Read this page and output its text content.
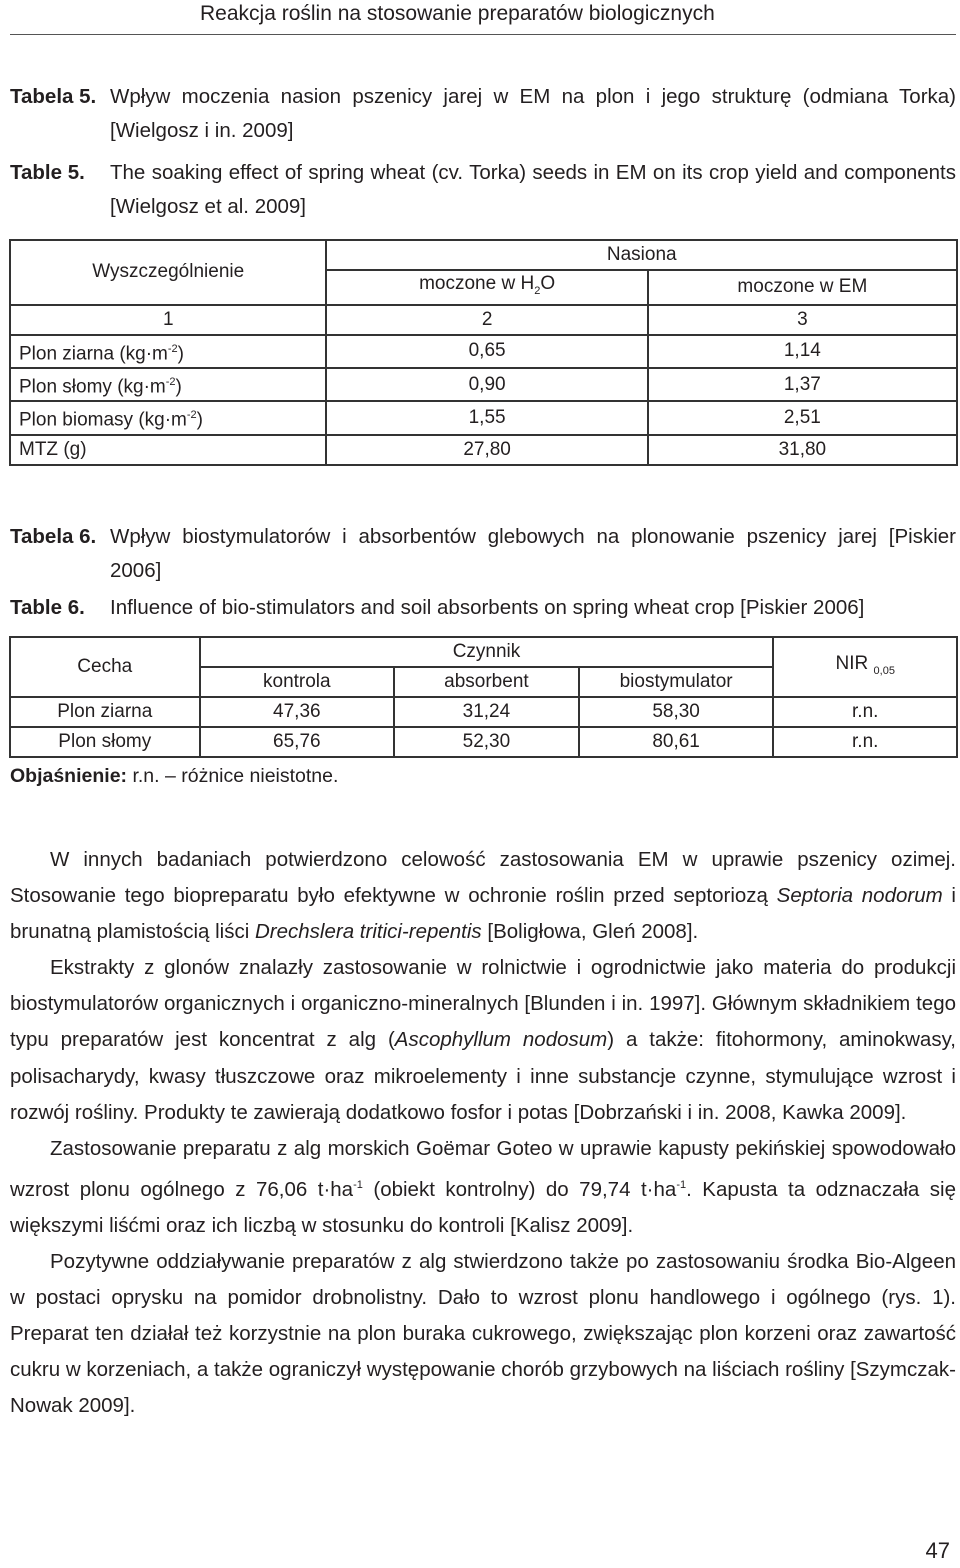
Reakcja roślin na stosowanie preparatów biologicznych
Tabela 5. Wpływ moczenia nasion pszenicy jarej w EM na plon i jego strukturę (odmiana Torka) [Wielgosz i in. 2009]
Table 5. The soaking effect of spring wheat (cv. Torka) seeds in EM on its crop yield and components [Wielgosz et al. 2009]
Wyszczególnienie	Nasiona	
	moczone w $H_2O$	moczone w EM
1	2	3
Plon ziarna $(kg\cdot m^{-2})$	0,65	1,14
Plon słomy $(kg\cdot m^{-2})$	0,90	1,37
Plon biomasy $(kg\cdot m^{-2})$	1,55	2,51
MTZ (g)	27,80	31,80
Tabela 6. Wpływ biostymulatorów i absorbentów glebowych na plonowanie pszenicy jarej [Piskier 2006]
Table 6. Influence of bio-stimulators and soil absorbents on spring wheat crop [Piskier 2006]
Cecha	Czynnik			NIR $_{0,05}$
	kontrola	absorbent	biostymulator	
Plon ziarna	47,36	31,24	58,30	r.n.
Plon słomy	65,76	52,30	80,61	r.n.
Objaśnienie: r.n. – różnice nieistotne.

W innych badaniach potwierdzono celowość zastosowania EM w uprawie pszenicy ozimej. Stosowanie tego biopreparatu było efektywne w ochronie roślin przed septoriozą Septoria nodorum i brunatną plamistością liści Drechslera tritici-repentis [Boligłowa, Gleń 2008].

Ekstrakty z glonów znalazły zastosowanie w rolnictwie i ogrodnictwie jako materia do produkcji biostymulatorów organicznych i organiczno-mineralnych [Blunden i in. 1997]. Głównym składnikiem tego typu preparatów jest koncentrat z alg (Ascophyllum nodosum) a także: fitohormony, aminokwasy, polisacharydy, kwasy tłuszczowe oraz mikroelementy i inne substancje czynne, stymulujące wzrost i rozwój rośliny. Produkty te zawierają dodatkowo fosfor i potas [Dobrzański i in. 2008, Kawka 2009].

Zastosowanie preparatu z alg morskich Goëmar Goteo w uprawie kapusty pekińskiej spowodowało wzrost plonu ogólnego z 76,06 $t\cdot ha^{-1}$ (obiekt kontrolny) do 79,74 $t\cdot ha^{-1}$. Kapusta ta odznaczała się większymi liśćmi oraz ich liczbą w stosunku do kontroli [Kalisz 2009].

Pozytywne oddziaływanie preparatów z alg stwierdzono także po zastosowaniu środka Bio-Algeen w postaci oprysku na pomidor drobnolistny. Dało to wzrost plonu handlowego i ogólnego (rys. 1). Preparat ten działał też korzystnie na plon buraka cukrowego, zwiększając plon korzeni oraz zawartość cukru w korzeniach, a także ograniczył występowanie chorób grzybowych na liściach rośliny [Szymczak-Nowak 2009].

47
